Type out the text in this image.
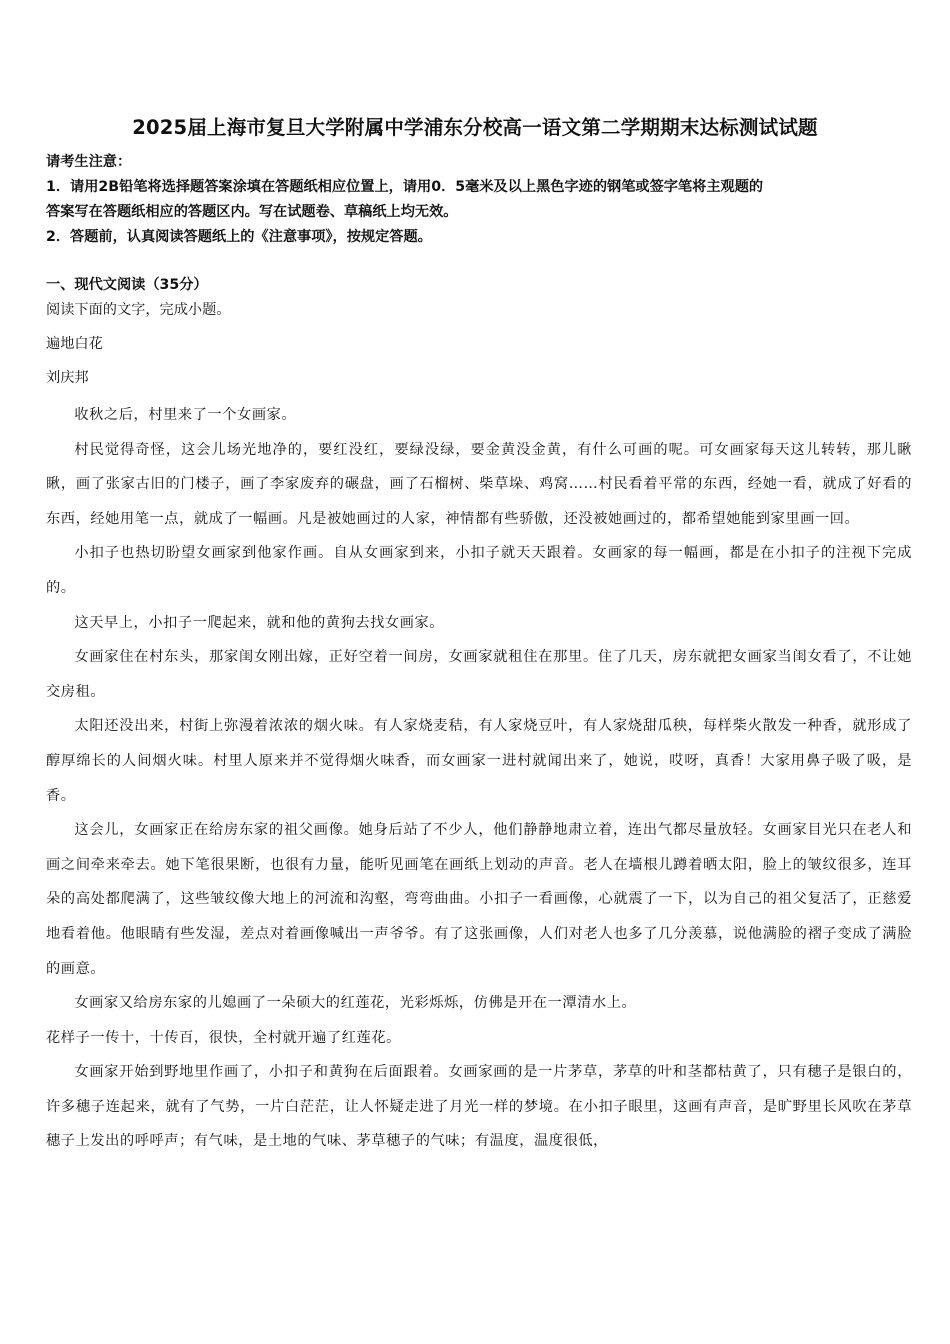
2025届上海市复旦大学附属中学浦东分校高一语文第二学期期末达标测试试题
请考生注意：
1．请用2B铅笔将选择题答案涂填在答题纸相应位置上，请用0．5毫米及以上黑色字迹的钢笔或签字笔将主观题的
答案写在答题纸相应的答题区内。写在试题卷、草稿纸上均无效。
2．答题前，认真阅读答题纸上的《注意事项》，按规定答题。
一、现代文阅读（35分）
阅读下面的文字，完成小题。
遍地白花
刘庆邦

收秋之后，村里来了一个女画家。

村民觉得奇怪，这会儿场光地净的，要红没红，要绿没绿，要金黄没金黄，有什么可画的呢。可女画家每天这儿转转，那儿瞅瞅，画了张家古旧的门楼子，画了李家废弃的碾盘，画了石榴树、柴草垛、鸡窝……村民看着平常的东西，经她一看，就成了好看的东西，经她用笔一点，就成了一幅画。凡是被她画过的人家，神情都有些骄傲，还没被她画过的，都希望她能到家里画一回。

小扣子也热切盼望女画家到他家作画。自从女画家到来，小扣子就天天跟着。女画家的每一幅画，都是在小扣子的注视下完成的。

这天早上，小扣子一爬起来，就和他的黄狗去找女画家。

女画家住在村东头，那家闺女刚出嫁，正好空着一间房，女画家就租住在那里。住了几天，房东就把女画家当闺女看了，不让她交房租。

太阳还没出来，村街上弥漫着浓浓的烟火味。有人家烧麦秸，有人家烧豆叶，有人家烧甜瓜秧，每样柴火散发一种香，就形成了醇厚绵长的人间烟火味。村里人原来并不觉得烟火味香，而女画家一进村就闻出来了，她说，哎呀，真香！大家用鼻子吸了吸，是香。

这会儿，女画家正在给房东家的祖父画像。她身后站了不少人，他们静静地肃立着，连出气都尽量放轻。女画家目光只在老人和画之间牵来牵去。她下笔很果断，也很有力量，能听见画笔在画纸上划动的声音。老人在墙根儿蹲着晒太阳，脸上的皱纹很多，连耳朵的高处都爬满了，这些皱纹像大地上的河流和沟壑，弯弯曲曲。小扣子一看画像，心就震了一下，以为自己的祖父复活了，正慈爱地看着他。他眼睛有些发湿，差点对着画像喊出一声爷爷。有了这张画像，人们对老人也多了几分羡慕，说他满脸的褶子变成了满脸的画意。

女画家又给房东家的儿媳画了一朵硕大的红莲花，光彩烁烁，仿佛是开在一潭清水上。

花样子一传十，十传百，很快，全村就开遍了红莲花。

女画家开始到野地里作画了，小扣子和黄狗在后面跟着。女画家画的是一片茅草，茅草的叶和茎都枯黄了，只有穗子是银白的，许多穗子连起来，就有了气势，一片白茫茫，让人怀疑走进了月光一样的梦境。在小扣子眼里，这画有声音，是旷野里长风吹在茅草穗子上发出的呼呼声；有气味，是土地的气味、茅草穗子的气味；有温度，温度很低，
